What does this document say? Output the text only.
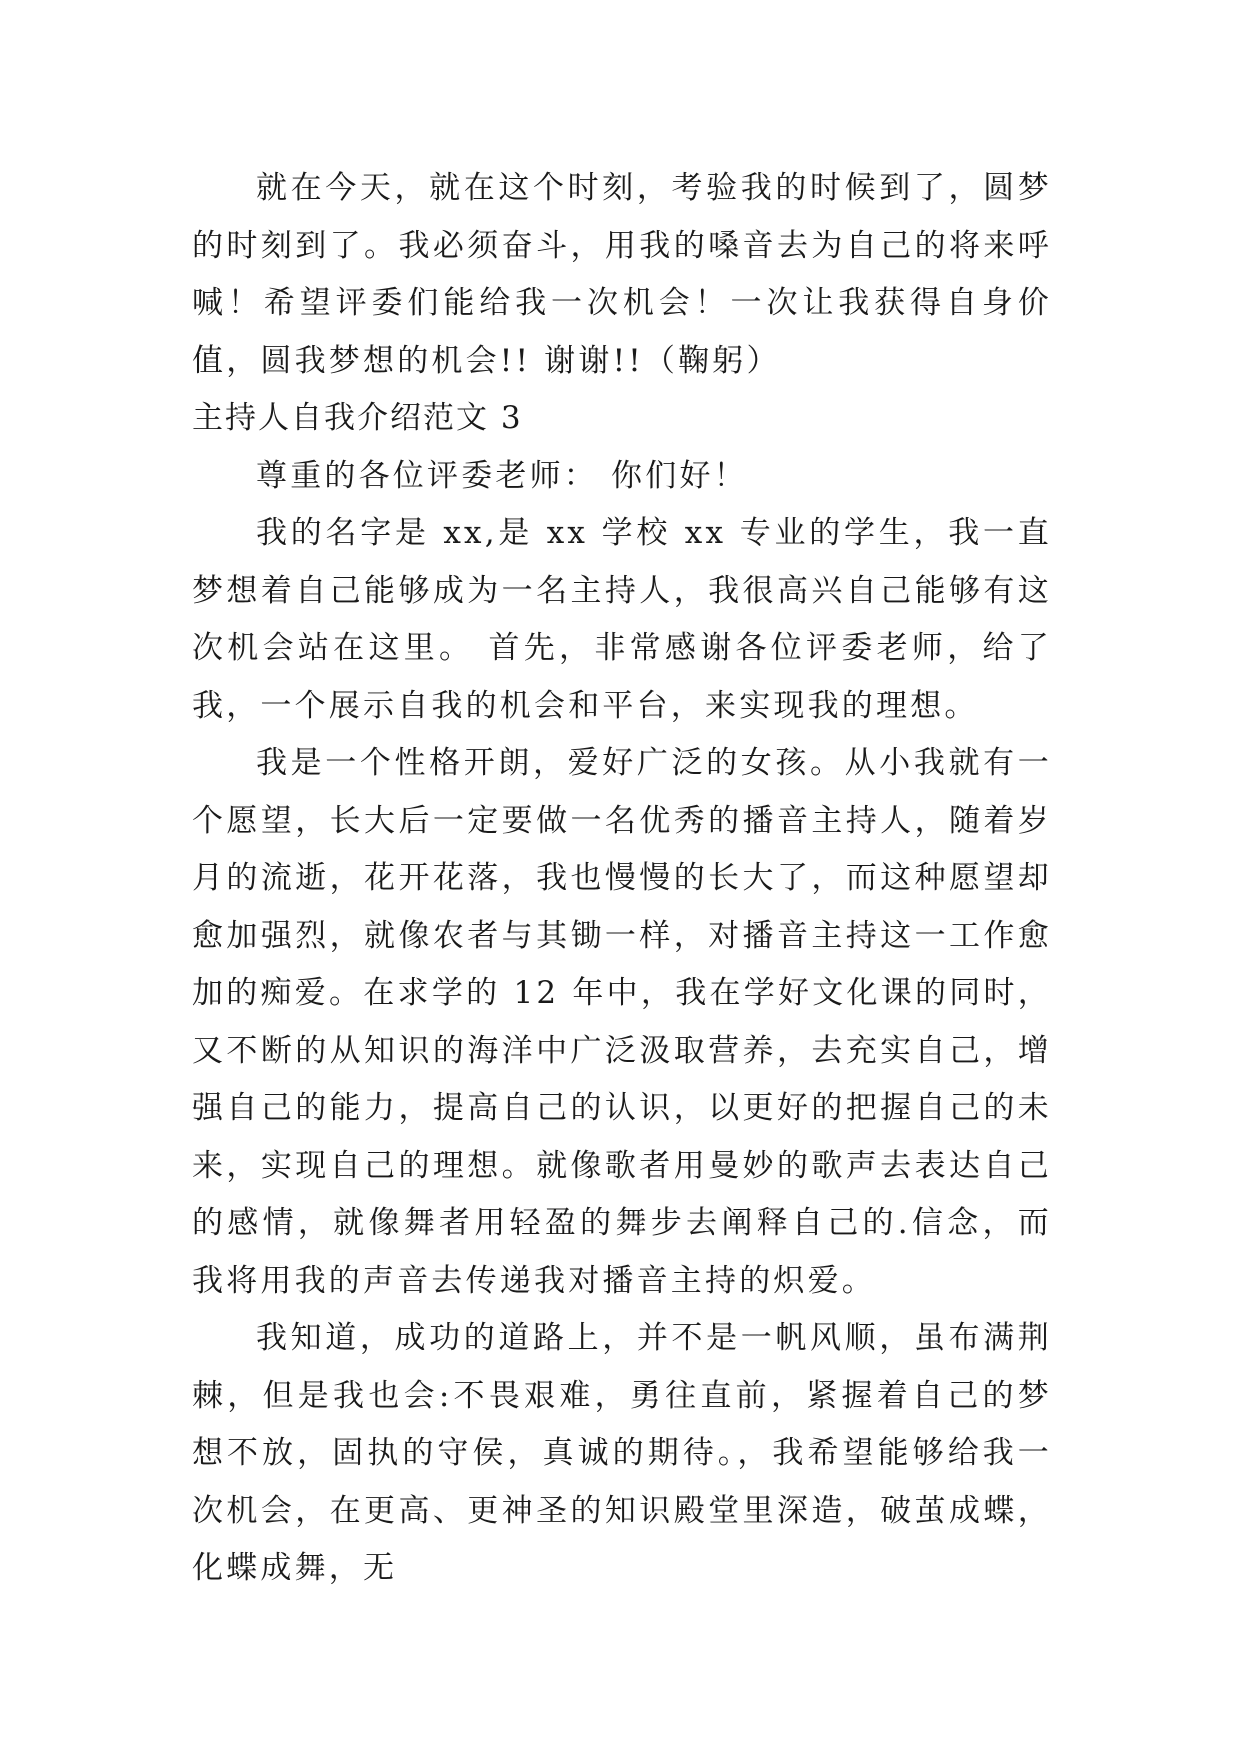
就在今天，就在这个时刻，考验我的时候到了，圆梦的时刻到了。我必须奋斗，用我的嗓音去为自己的将来呼喊！希望评委们能给我一次机会！一次让我获得自身价值，圆我梦想的机会!! 谢谢!!（鞠躬）

主持人自我介绍范文 3

尊重的各位评委老师： 你们好！

我的名字是 xx,是 xx 学校 xx 专业的学生，我一直梦想着自己能够成为一名主持人，我很高兴自己能够有这次机会站在这里。 首先，非常感谢各位评委老师，给了我，一个展示自我的机会和平台，来实现我的理想。

我是一个性格开朗，爱好广泛的女孩。从小我就有一个愿望，长大后一定要做一名优秀的播音主持人，随着岁月的流逝，花开花落，我也慢慢的长大了，而这种愿望却愈加强烈，就像农者与其锄一样，对播音主持这一工作愈加的痴爱。在求学的 12 年中，我在学好文化课的同时，又不断的从知识的海洋中广泛汲取营养，去充实自己，增强自己的能力，提高自己的认识，以更好的把握自己的未来，实现自己的理想。就像歌者用曼妙的歌声去表达自己的感情，就像舞者用轻盈的舞步去阐释自己的.信念，而我将用我的声音去传递我对播音主持的炽爱。

我知道，成功的道路上，并不是一帆风顺，虽布满荆棘，但是我也会:不畏艰难，勇往直前，紧握着自己的梦想不放，固执的守侯，真诚的期待。，我希望能够给我一次机会，在更高、更神圣的知识殿堂里深造，破茧成蝶，化蝶成舞，无
